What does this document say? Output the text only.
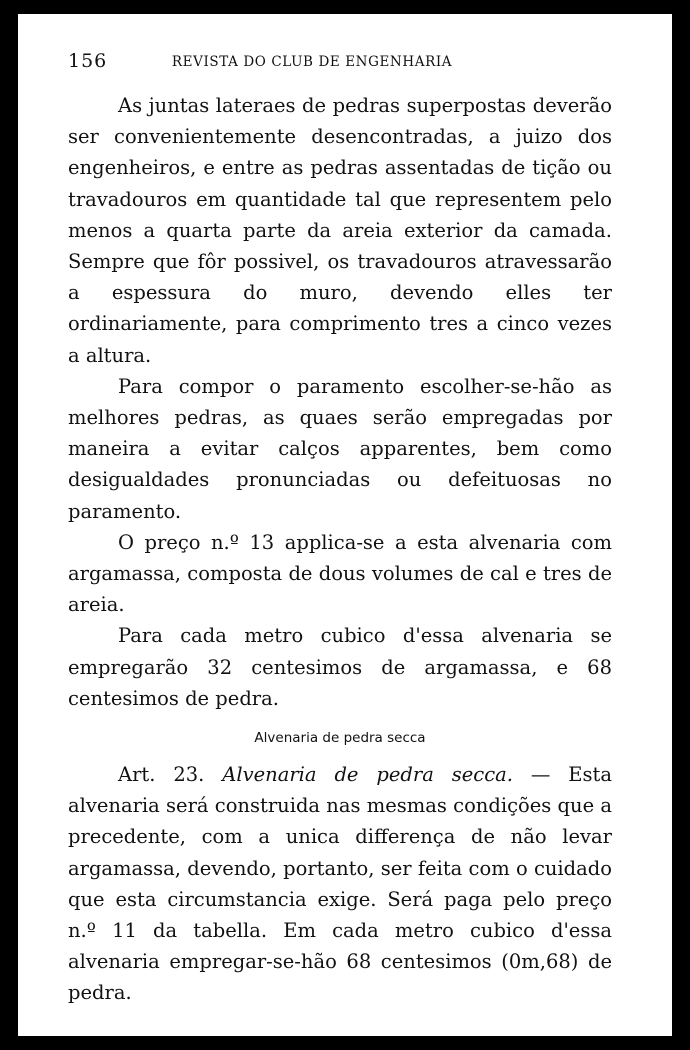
156	REVISTA DO CLUB DE ENGENHARIA

As juntas lateraes de pedras superpostas deverão ser convenientemente desencontradas, a juizo dos engenheiros, e entre as pedras assentadas de tição ou travadouros em quantidade tal que representem pelo menos a quarta parte da areia exterior da camada. Sempre que fôr possivel, os travadouros atravessarão a espessura do muro, devendo elles ter ordinariamente, para comprimento tres a cinco vezes a altura.

Para compor o paramento escolher-se-hão as melhores pedras, as quaes serão empregadas por maneira a evitar calços apparentes, bem como desigualdades pronunciadas ou defeituosas no paramento.

O preço n.º 13 applica-se a esta alvenaria com argamassa, composta de dous volumes de cal e tres de areia.

Para cada metro cubico d'essa alvenaria se empregarão 32 centesimos de argamassa, e 68 centesimos de pedra.

Alvenaria de pedra secca

Art. 23. Alvenaria de pedra secca. — Esta alvenaria será construida nas mesmas condições que a precedente, com a unica differença de não levar argamassa, devendo, portanto, ser feita com o cuidado que esta circumstancia exige. Será paga pelo preço n.º 11 da tabella. Em cada metro cubico d'essa alvenaria empregar-se-hão 68 centesimos (0m,68) de pedra.
